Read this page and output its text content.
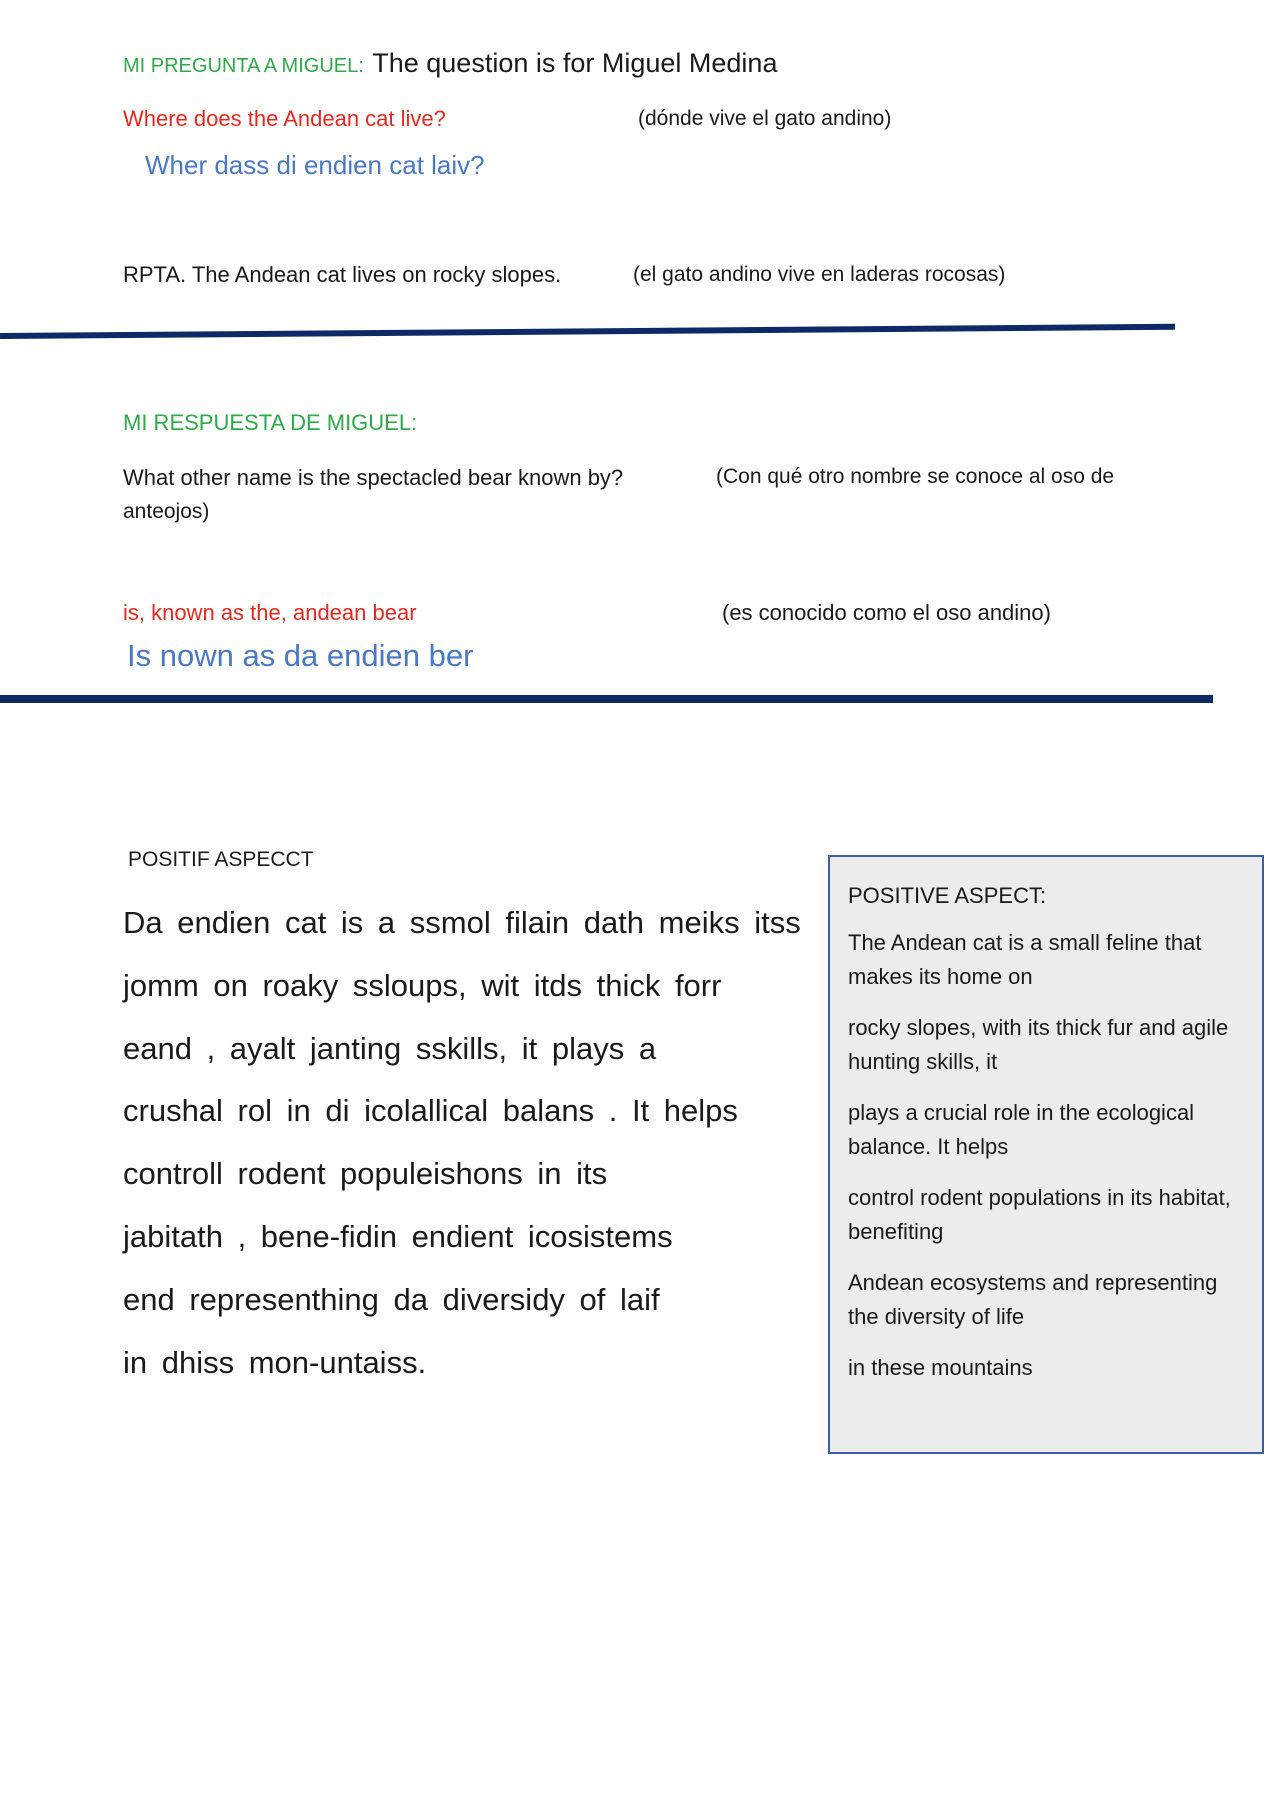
MI PREGUNTA A MIGUEL: The question is for Miguel Medina
Where does the Andean cat live?	(dónde vive el gato andino)
Wher dass di endien cat laiv?
RPTA. The Andean cat lives on rocky slopes.	(el gato andino vive en laderas rocosas)
MI RESPUESTA DE MIGUEL:
What other name is the spectacled bear known by?	(Con qué otro nombre se conoce al oso de
anteojos)
is, known as the, andean bear	(es conocido como el oso andino)
Is nown as da endien ber
POSITIF ASPECCT
Da endien cat is a ssmol filain dath meiks itss
jomm on roaky ssloups, wit itds thick forr
eand , ayalt janting sskills, it plays a
crushal rol in di icolallical balans . It helps
controll rodent populeishons in its
jabitath , bene-fidin endient icosistems
end representhing da diversidy of laif
in dhiss mon-untaiss.
POSITIVE ASPECT:

The Andean cat is a small feline that makes its home on

rocky slopes, with its thick fur and agile hunting skills, it

plays a crucial role in the ecological balance. It helps

control rodent populations in its habitat, benefiting

Andean ecosystems and representing the diversity of life

in these mountains
